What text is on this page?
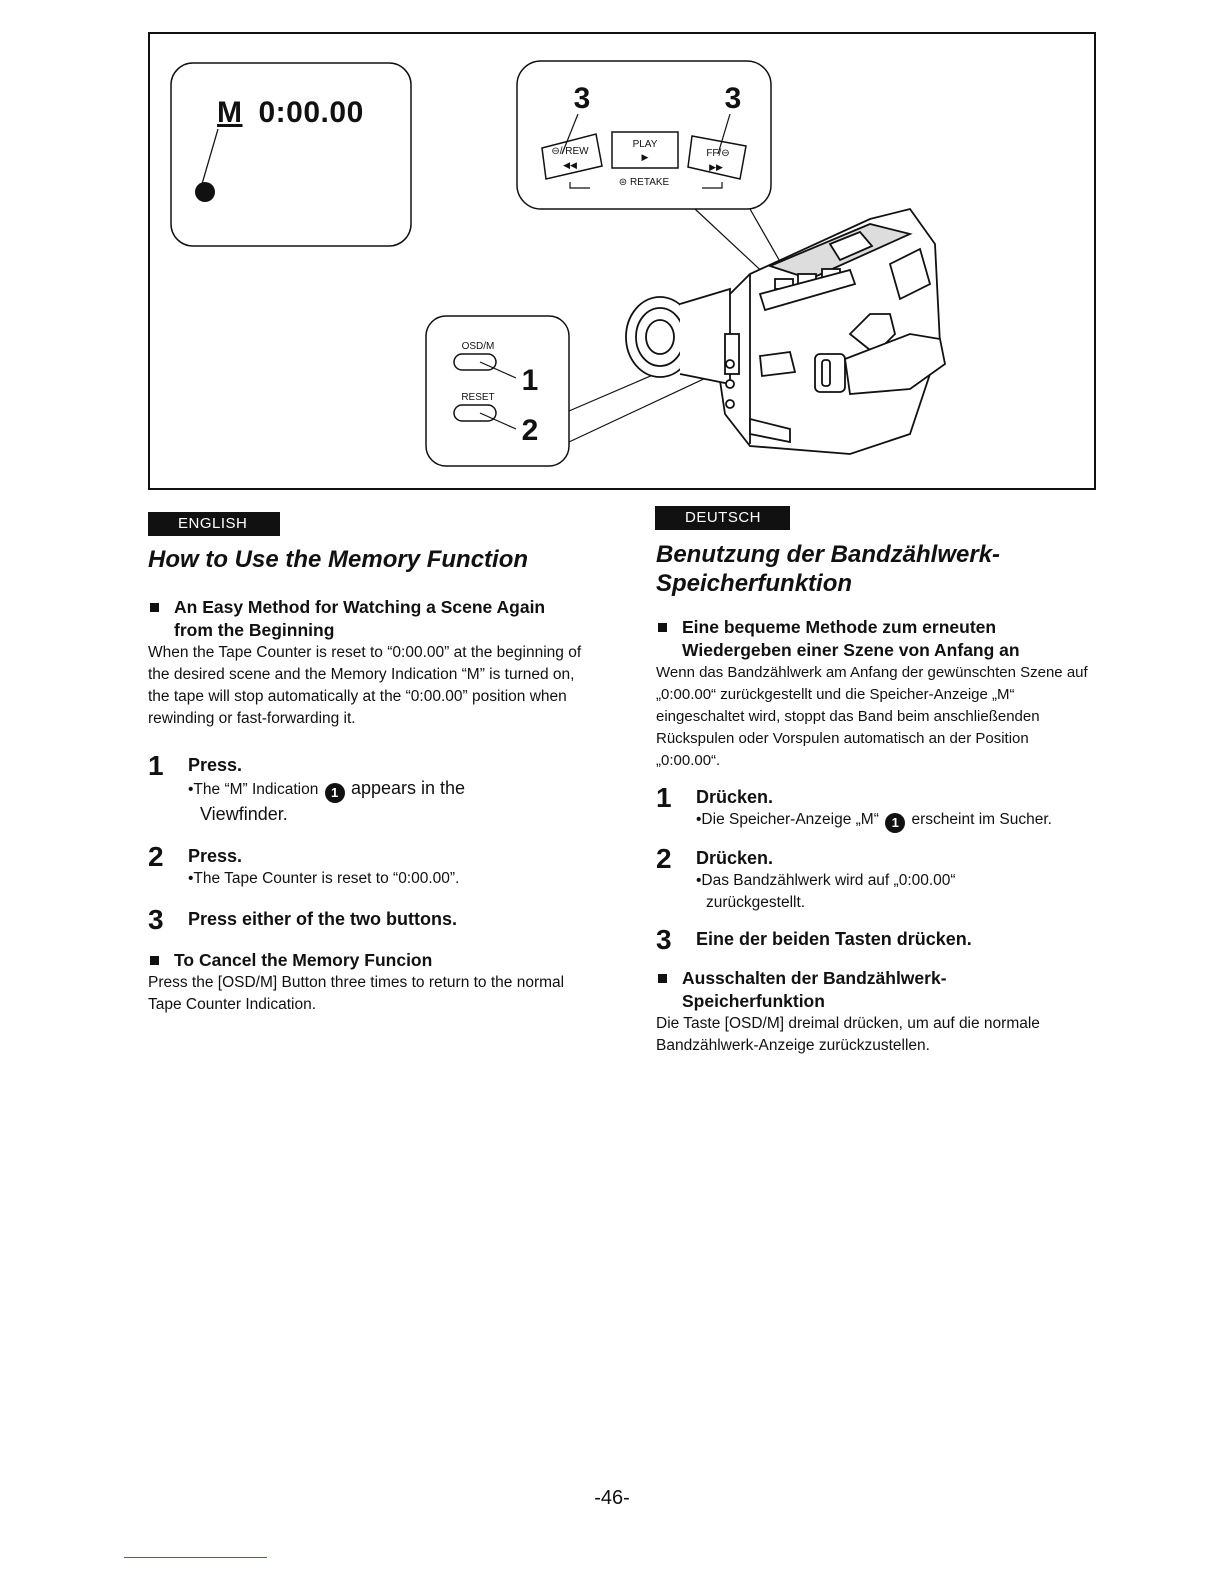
1
3	3
⊖/ REW
◀◀
PLAY
▶	FF/⊖
▶▶
⊜ RETAKE
OSD/M
1
RESET
2
M 0:00.00
ENGLISH	DEUTSCH
How to Use the Memory Function

An Easy Method for Watching a Scene Again
from the Beginning

When the Tape Counter is reset to “0:00.00” at the beginning of the desired scene and the Memory Indication “M” is turned on, the tape will stop automatically at the “0:00.00” position when rewinding or fast-forwarding it.

1 Press.
•The “M” Indication 1 appears in the
Viewfinder.
2 Press.
•The Tape Counter is reset to “0:00.00”.
3 Press either of the two buttons.

To Cancel the Memory Funcion

Press the [OSD/M] Button three times to return to the normal Tape Counter Indication.

Benutzung der Bandzählwerk-
Speicherfunktion

Eine bequeme Methode zum erneuten
Wiedergeben einer Szene von Anfang an

Wenn das Bandzählwerk am Anfang der gewünschten Szene auf „0:00.00“ zurückgestellt und die Speicher-Anzeige „M“ eingeschaltet wird, stoppt das Band beim anschließenden Rückspulen oder Vorspulen automatisch an der Position „0:00.00“.

1 Drücken.
•Die Speicher-Anzeige „M“ 1 erscheint im Sucher.
2 Drücken.
•Das Bandzählwerk wird auf „0:00.00“
zurückgestellt.
3 Eine der beiden Tasten drücken.

Ausschalten der Bandzählwerk-
Speicherfunktion

Die Taste [OSD/M] dreimal drücken, um auf die normale Bandzählwerk-Anzeige zurückzustellen.

-46-
